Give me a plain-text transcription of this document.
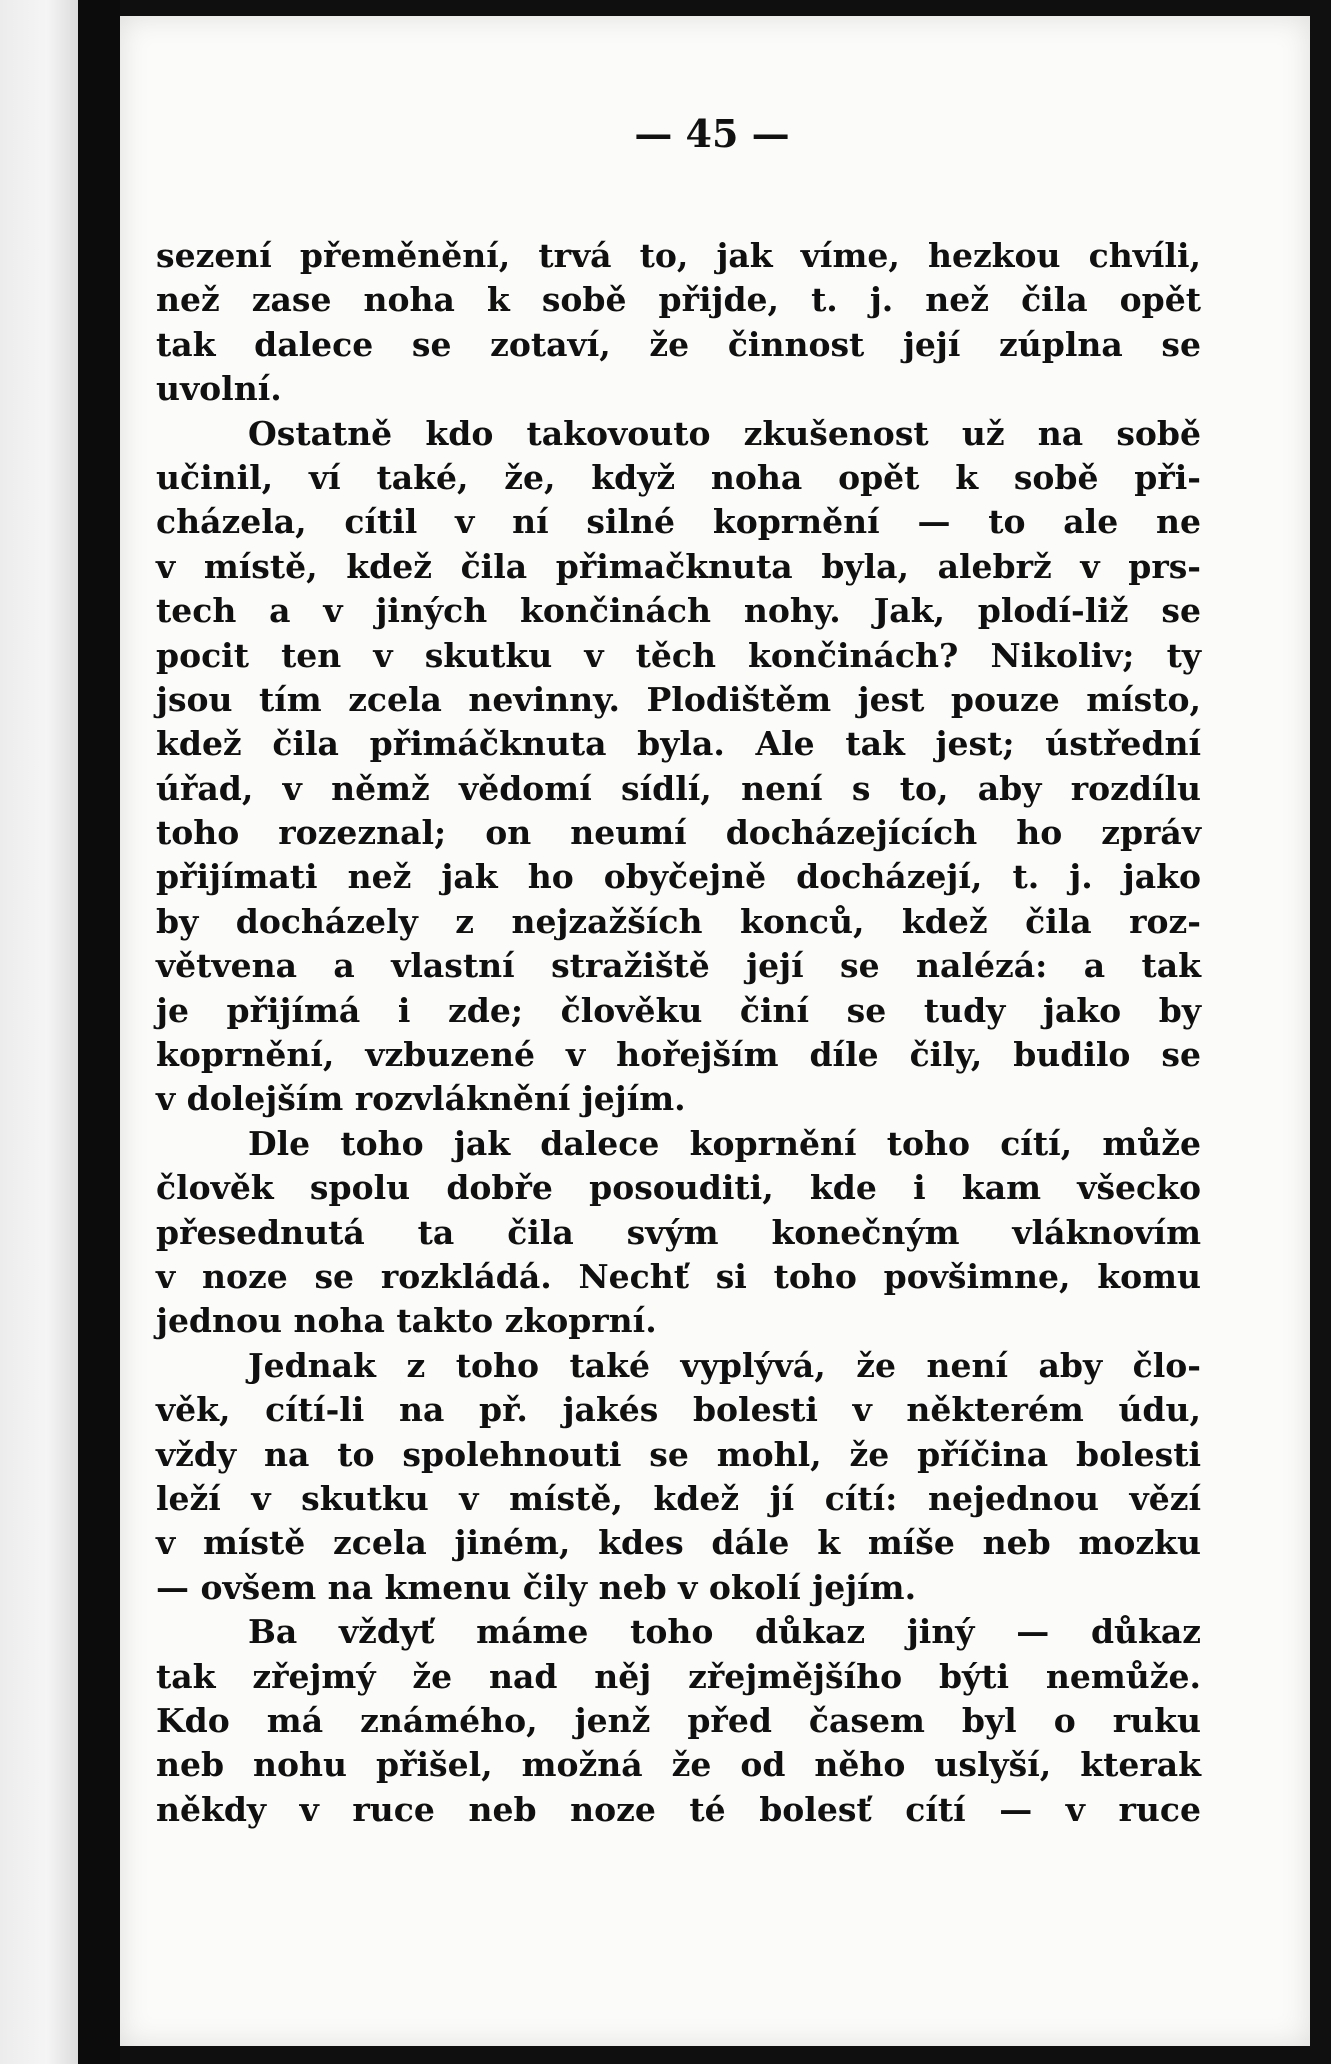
— 45 —
sezení přeměnění, trvá to, jak víme, hezkou chvíli,
než zase noha k sobě přijde, t. j. než čila opět
tak dalece se zotaví, že činnost její zúplna se
uvolní.
Ostatně kdo takovouto zkušenost už na sobě
učinil, ví také, že, když noha opět k sobě při-
cházela, cítil v ní silné koprnění — to ale ne
v místě, kdež čila přimačknuta byla, alebrž v prs-
tech a v jiných končinách nohy. Jak, plodí-liž se
pocit ten v skutku v těch končinách? Nikoliv; ty
jsou tím zcela nevinny. Plodištěm jest pouze místo,
kdež čila přimáčknuta byla. Ale tak jest; ústřední
úřad, v němž vědomí sídlí, není s to, aby rozdílu
toho rozeznal; on neumí docházejících ho zpráv
přijímati než jak ho obyčejně docházejí, t. j. jako
by docházely z nejzažších konců, kdež čila roz-
větvena a vlastní stražiště její se nalézá: a tak
je přijímá i zde; člověku činí se tudy jako by
koprnění, vzbuzené v hořejším díle čily, budilo se
v dolejším rozvláknění jejím.
Dle toho jak dalece koprnění toho cítí, může
člověk spolu dobře posouditi, kde i kam všecko
přesednutá ta čila svým konečným vláknovím
v noze se rozkládá. Nechť si toho povšimne, komu
jednou noha takto zkoprní.
Jednak z toho také vyplývá, že není aby člo-
věk, cítí-li na př. jakés bolesti v některém údu,
vždy na to spolehnouti se mohl, že příčina bolesti
leží v skutku v místě, kdež jí cítí: nejednou vězí
v místě zcela jiném, kdes dále k míše neb mozku
— ovšem na kmenu čily neb v okolí jejím.
Ba vždyť máme toho důkaz jiný — důkaz
tak zřejmý že nad něj zřejmějšího býti nemůže.
Kdo má známého, jenž před časem byl o ruku
neb nohu přišel, možná že od něho uslyší, kterak
někdy v ruce neb noze té bolesť cítí — v ruce
